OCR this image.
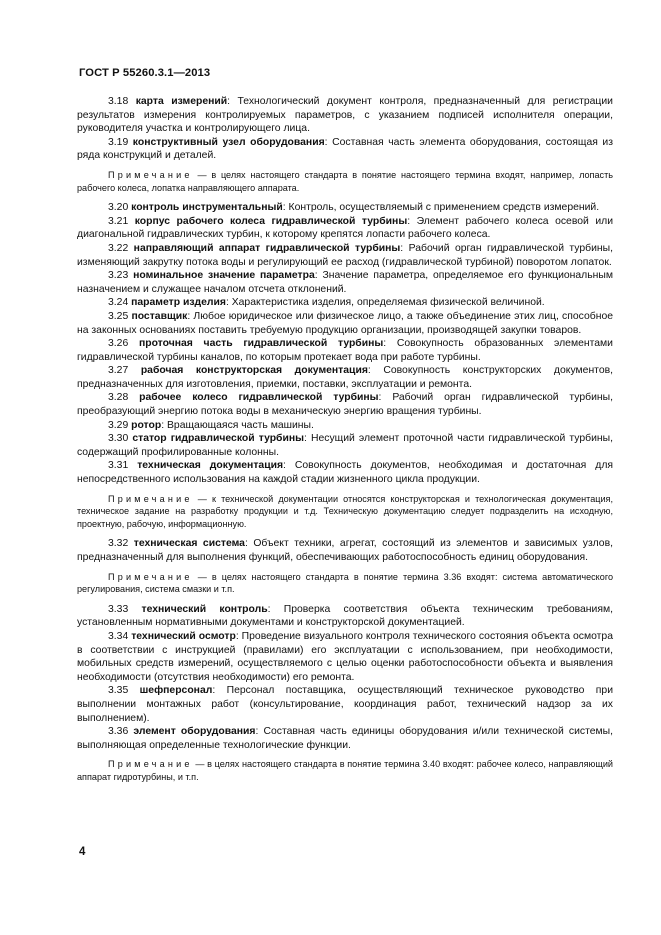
ГОСТ Р 55260.3.1—2013

3.18 карта измерений: Технологический документ контроля, предназначенный для регистрации результатов измерения контролируемых параметров, с указанием подписей исполнителя операции, руководителя участка и контролирующего лица.

3.19 конструктивный узел оборудования: Составная часть элемента оборудования, состоящая из ряда конструкций и деталей.

Примечание — в целях настоящего стандарта в понятие настоящего термина входят, например, лопасть рабочего колеса, лопатка направляющего аппарата.

3.20 контроль инструментальный: Контроль, осуществляемый с применением средств измерений.

3.21 корпус рабочего колеса гидравлической турбины: Элемент рабочего колеса осевой или диагональной гидравлических турбин, к которому крепятся лопасти рабочего колеса.

3.22 направляющий аппарат гидравлической турбины: Рабочий орган гидравлической турбины, изменяющий закрутку потока воды и регулирующий ее расход (гидравлической турбиной) поворотом лопаток.

3.23 номинальное значение параметра: Значение параметра, определяемое его функциональным назначением и служащее началом отсчета отклонений.

3.24 параметр изделия: Характеристика изделия, определяемая физической величиной.

3.25 поставщик: Любое юридическое или физическое лицо, а также объединение этих лиц, способное на законных основаниях поставить требуемую продукцию организации, производящей закупки товаров.

3.26 проточная часть гидравлической турбины: Совокупность образованных элементами гидравлической турбины каналов, по которым протекает вода при работе турбины.

3.27 рабочая конструкторская документация: Совокупность конструкторских документов, предназначенных для изготовления, приемки, поставки, эксплуатации и ремонта.

3.28 рабочее колесо гидравлической турбины: Рабочий орган гидравлической турбины, преобразующий энергию потока воды в механическую энергию вращения турбины.

3.29 ротор: Вращающаяся часть машины.

3.30 статор гидравлической турбины: Несущий элемент проточной части гидравлической турбины, содержащий профилированные колонны.

3.31 техническая документация: Совокупность документов, необходимая и достаточная для непосредственного использования на каждой стадии жизненного цикла продукции.

Примечание — к технической документации относятся конструкторская и технологическая документация, техническое задание на разработку продукции и т.д. Техническую документацию следует подразделить на исходную, проектную, рабочую, информационную.

3.32 техническая система: Объект техники, агрегат, состоящий из элементов и зависимых узлов, предназначенный для выполнения функций, обеспечивающих работоспособность единиц оборудования.

Примечание — в целях настоящего стандарта в понятие термина 3.36 входят: система автоматического регулирования, система смазки и т.п.

3.33 технический контроль: Проверка соответствия объекта техническим требованиям, установленным нормативными документами и конструкторской документацией.

3.34 технический осмотр: Проведение визуального контроля технического состояния объекта осмотра в соответствии с инструкцией (правилами) его эксплуатации с использованием, при необходимости, мобильных средств измерений, осуществляемого с целью оценки работоспособности объекта и выявления необходимости (отсутствия необходимости) его ремонта.

3.35 шефперсонал: Персонал поставщика, осуществляющий техническое руководство при выполнении монтажных работ (консультирование, координация работ, технический надзор за их выполнением).

3.36 элемент оборудования: Составная часть единицы оборудования и/или технической системы, выполняющая определенные технологические функции.

Примечание — в целях настоящего стандарта в понятие термина 3.40 входят: рабочее колесо, направляющий аппарат гидротурбины, и т.п.

4
